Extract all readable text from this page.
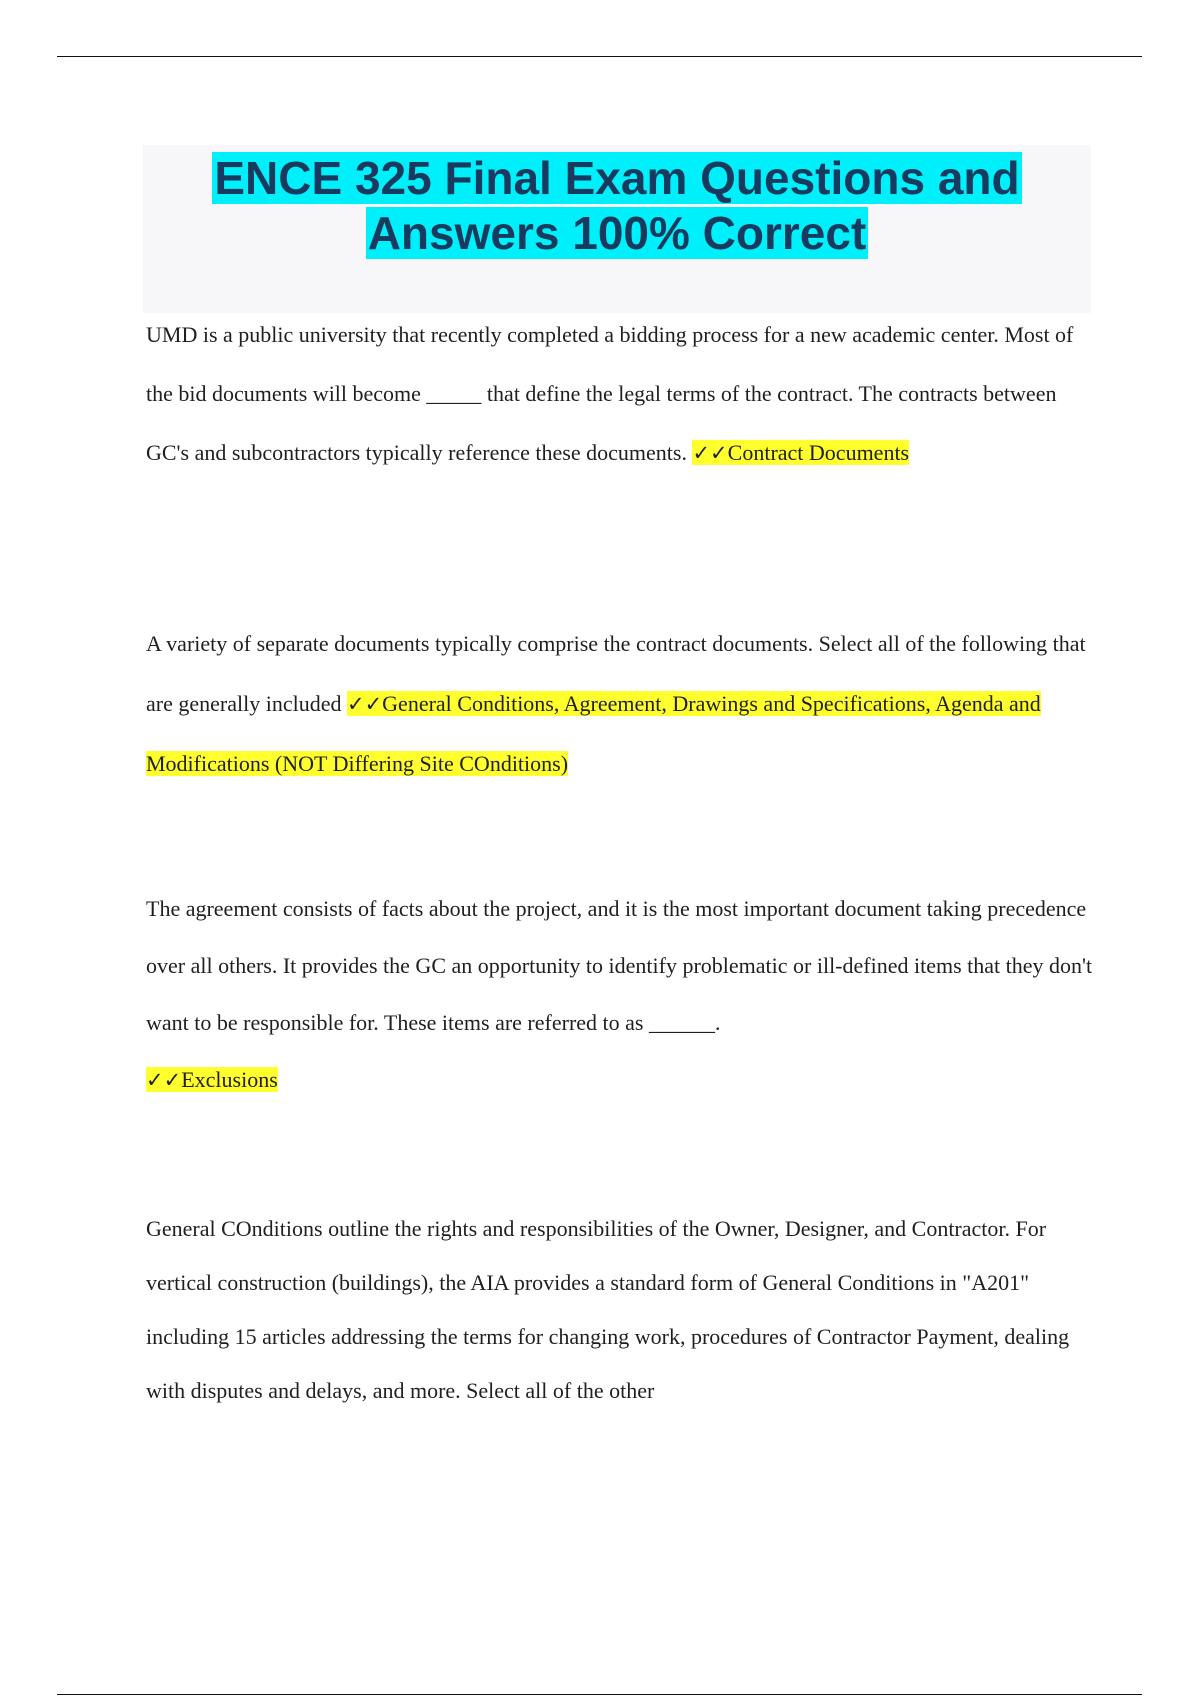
ENCE 325 Final Exam Questions and
Answers 100% Correct

UMD is a public university that recently completed a bidding process for a new academic center. Most of the bid documents will become _____ that define the legal terms of the contract. The contracts between GC's and subcontractors typically reference these documents. ✓✓Contract Documents

A variety of separate documents typically comprise the contract documents. Select all of the following that are generally included ✓✓General Conditions, Agreement, Drawings and Specifications, Agenda and Modifications (NOT Differing Site COnditions)

The agreement consists of facts about the project, and it is the most important document taking precedence over all others. It provides the GC an opportunity to identify problematic or ill-defined items that they don't want to be responsible for. These items are referred to as ______.
✓✓Exclusions

General COnditions outline the rights and responsibilities of the Owner, Designer, and Contractor. For vertical construction (buildings), the AIA provides a standard form of General Conditions in "A201" including 15 articles addressing the terms for changing work, procedures of Contractor Payment, dealing with disputes and delays, and more. Select all of the other
